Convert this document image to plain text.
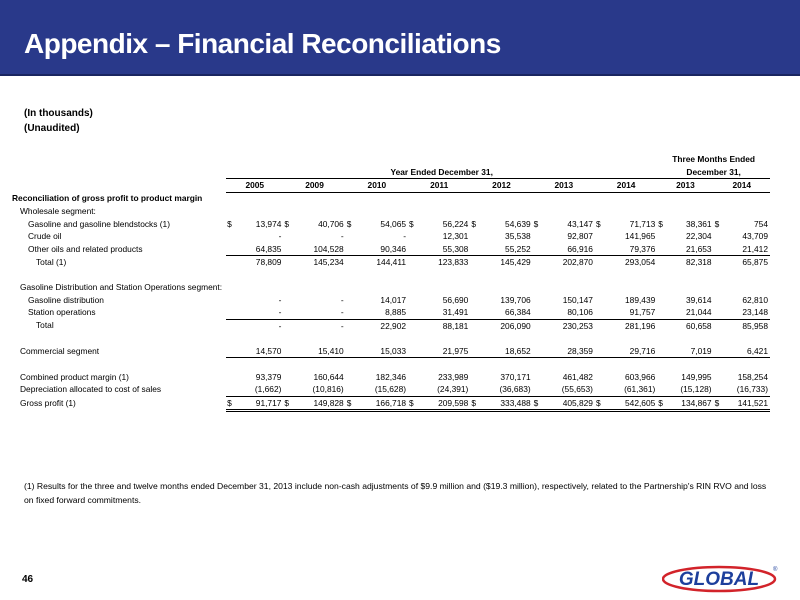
Appendix – Financial Reconciliations
(In thousands)
(Unaudited)
															Three Months Ended			
	Year Ended December 31,														December 31,			
	2005		2009		2010		2011		2012		2013		2014		2013		2014	
Reconciliation of gross profit to product margin																		
Wholesale segment:																		
Gasoline and gasoline blendstocks (1)	$	13,974	$	40,706	$	54,065	$	56,224	$	54,639	$	43,147	$	71,713	$	38,361	$	754
Crude oil		-		-		-		12,301		35,538		92,807		141,965		22,304		43,709
Other oils and related products		64,835		104,528		90,346		55,308		55,252		66,916		79,376		21,653		21,412
Total (1)		78,809		145,234		144,411		123,833		145,429		202,870		293,054		82,318		65,875

Gasoline Distribution and Station Operations segment:																		
Gasoline distribution		-		-		14,017		56,690		139,706		150,147		189,439		39,614		62,810
Station operations		-		-		8,885		31,491		66,384		80,106		91,757		21,044		23,148
Total		-		-		22,902		88,181		206,090		230,253		281,196		60,658		85,958

Commercial segment		14,570		15,410		15,033		21,975		18,652		28,359		29,716		7,019		6,421

Combined product margin (1)		93,379		160,644		182,346		233,989		370,171		461,482		603,966		149,995		158,254
Depreciation allocated to cost of sales		(1,662)		(10,816)		(15,628)		(24,391)		(36,683)		(55,653)		(61,361)		(15,128)		(16,733)
Gross profit (1)	$	91,717	$	149,828	$	166,718	$	209,598	$	333,488	$	405,829	$	542,605	$	134,867	$	141,521
(1) Results for the three and twelve months ended December 31, 2013 include non-cash adjustments of $9.9 million and ($19.3 million), respectively, related to the Partnership's RIN RVO and loss on fixed forward commitments.
46	GLOBAL ®
